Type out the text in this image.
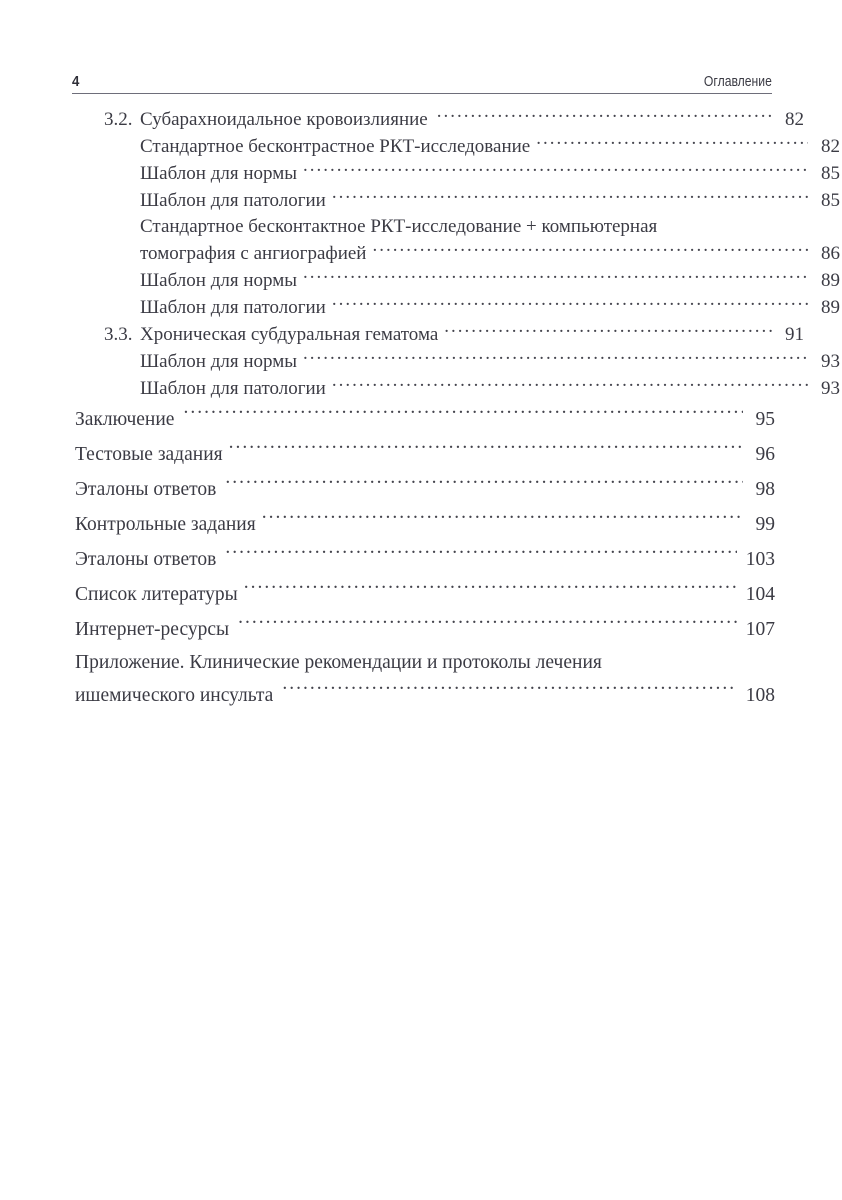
4	Оглавление
3.2. Субарахноидальное кровоизлияние .....	82
Стандартное бесконтрастное РКТ-исследование .....	82
Шаблон для нормы .....	85
Шаблон для патологии .....	85
Стандартное бесконтактное РКТ-исследование + компьютерная
томография с ангиографией .....	86
Шаблон для нормы .....	89
Шаблон для патологии .....	89
3.3. Хроническая субдуральная гематома .....	91
Шаблон для нормы .....	93
Шаблон для патологии .....	93
Заключение .....	95
Тестовые задания .....	96
Эталоны ответов .....	98
Контрольные задания .....	99
Эталоны ответов .....	103
Список литературы .....	104
Интернет-ресурсы .....	107
Приложение. Клинические рекомендации и протоколы лечения
ишемического инсульта .....	108
